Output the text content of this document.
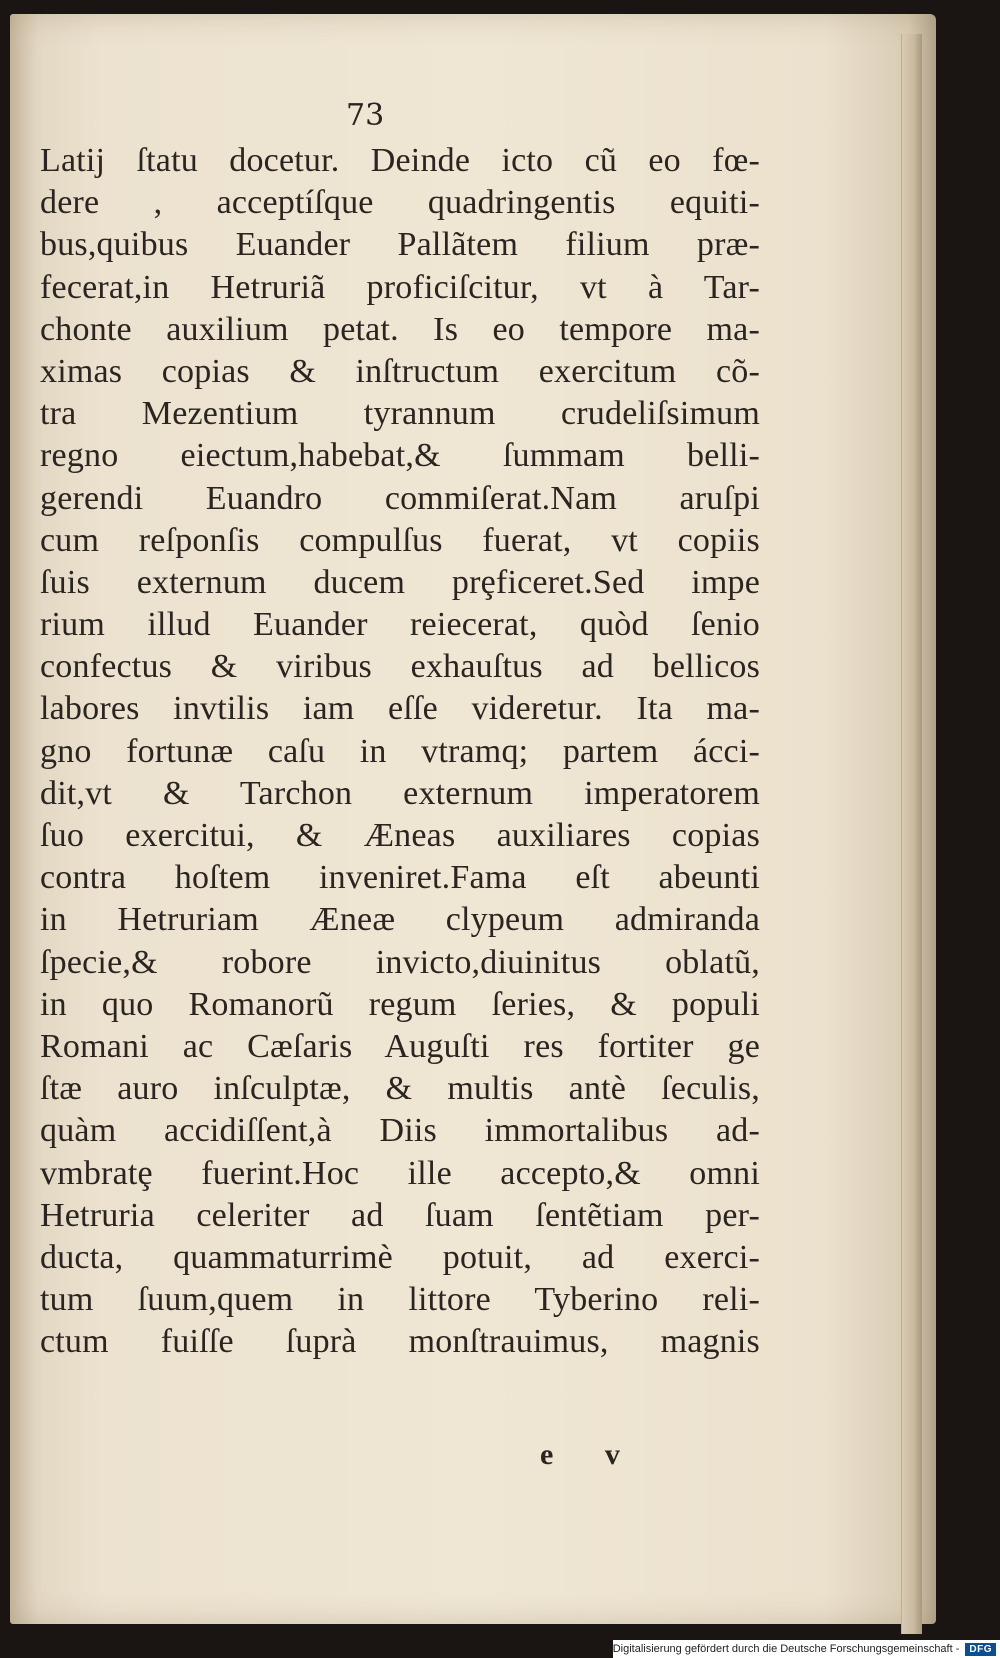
73
Latij ſtatu docetur. Deinde icto cũ eo fœ-
dere , acceptíſque quadringentis equiti-
bus,quibus Euander Pallãtem filium præ-
fecerat,in Hetruriã proficiſcitur, vt à Tar-
chonte auxilium petat. Is eo tempore ma-
ximas copias & inſtructum exercitum cõ-
tra Mezentium tyrannum crudeliſsimum
regno eiectum,habebat,& ſummam belli-
gerendi Euandro commiſerat.Nam aruſpi
cum reſponſis compulſus fuerat, vt copiis
ſuis externum ducem prȩficeret.Sed impe
rium illud Euander reiecerat, quòd ſenio
confectus & viribus exhauſtus ad bellicos
labores invtilis iam eſſe videretur. Ita ma-
gno fortunæ caſu in vtramq; partem ácci-
dit,vt & Tarchon externum imperatorem
ſuo exercitui, & Æneas auxiliares copias
contra hoſtem inveniret.Fama eſt abeunti
in Hetruriam Æneæ clypeum admiranda
ſpecie,& robore invicto,diuinitus oblatũ,
in quo Romanorũ regum ſeries, & populi
Romani ac Cæſaris Auguſti res fortiter ge
ſtæ auro inſculptæ, & multis antè ſeculis,
quàm accidiſſent,à Diis immortalibus ad-
vmbratȩ fuerint.Hoc ille accepto,& omni
Hetruria celeriter ad ſuam ſentẽtiam per-
ducta, quammaturrimè potuit, ad exerci-
tum ſuum,quem in littore Tyberino reli-
ctum fuiſſe ſuprà monſtrauimus, magnis
e v
Digitalisierung gefördert durch die Deutsche Forschungsgemeinschaft -	DFG
